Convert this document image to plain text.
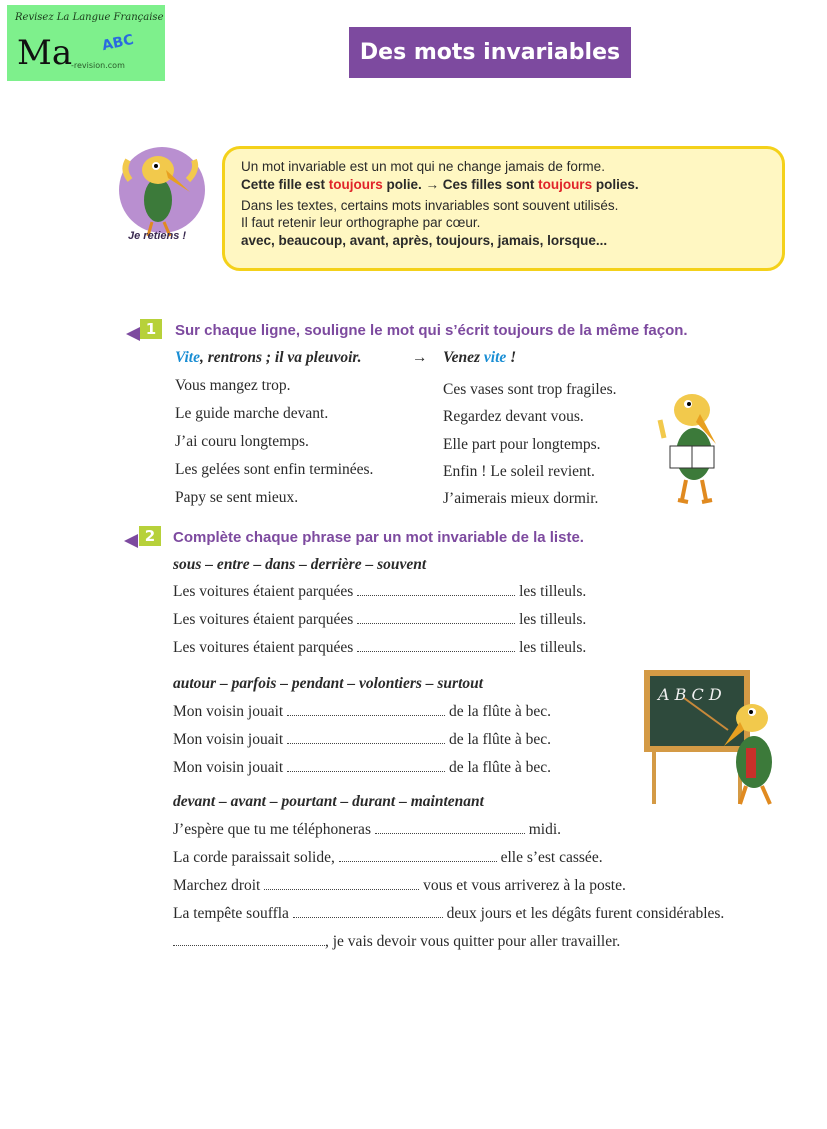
Revisez La Langue Française
Ma ABC
-revision.com
Des mots invariables
Je retiens !
Un mot invariable est un mot qui ne change jamais de forme.
Cette fille est toujours polie. → Ces filles sont toujours polies.
Dans les textes, certains mots invariables sont souvent utilisés.
Il faut retenir leur orthographe par cœur.
avec, beaucoup, avant, après, toujours, jamais, lorsque...
1	Sur chaque ligne, souligne le mot qui s’écrit toujours de la même façon.
Vite, rentrons ; il va pleuvoir.	→ Venez vite !
Vous mangez trop.
Le guide marche devant.
J’ai couru longtemps.
Les gelées sont enfin terminées.
Papy se sent mieux.
Ces vases sont trop fragiles.
Regardez devant vous.
Elle part pour longtemps.
Enfin ! Le soleil revient.
J’aimerais mieux dormir.
2	Complète chaque phrase par un mot invariable de la liste.
sous – entre – dans – derrière – souvent
Les voitures étaient parquées	les tilleuls.
Les voitures étaient parquées	les tilleuls.
Les voitures étaient parquées	les tilleuls.
autour – parfois – pendant – volontiers – surtout
Mon voisin jouait	de la flûte à bec.
Mon voisin jouait	de la flûte à bec.
Mon voisin jouait	de la flûte à bec.
A B C D
devant – avant – pourtant – durant – maintenant
J’espère que tu me téléphoneras	midi.
La corde paraissait solide,	elle s’est cassée.
Marchez droit	vous et vous arriverez à la poste.
La tempête souffla	deux jours et les dégâts furent considérables.
, je vais devoir vous quitter pour aller travailler.
